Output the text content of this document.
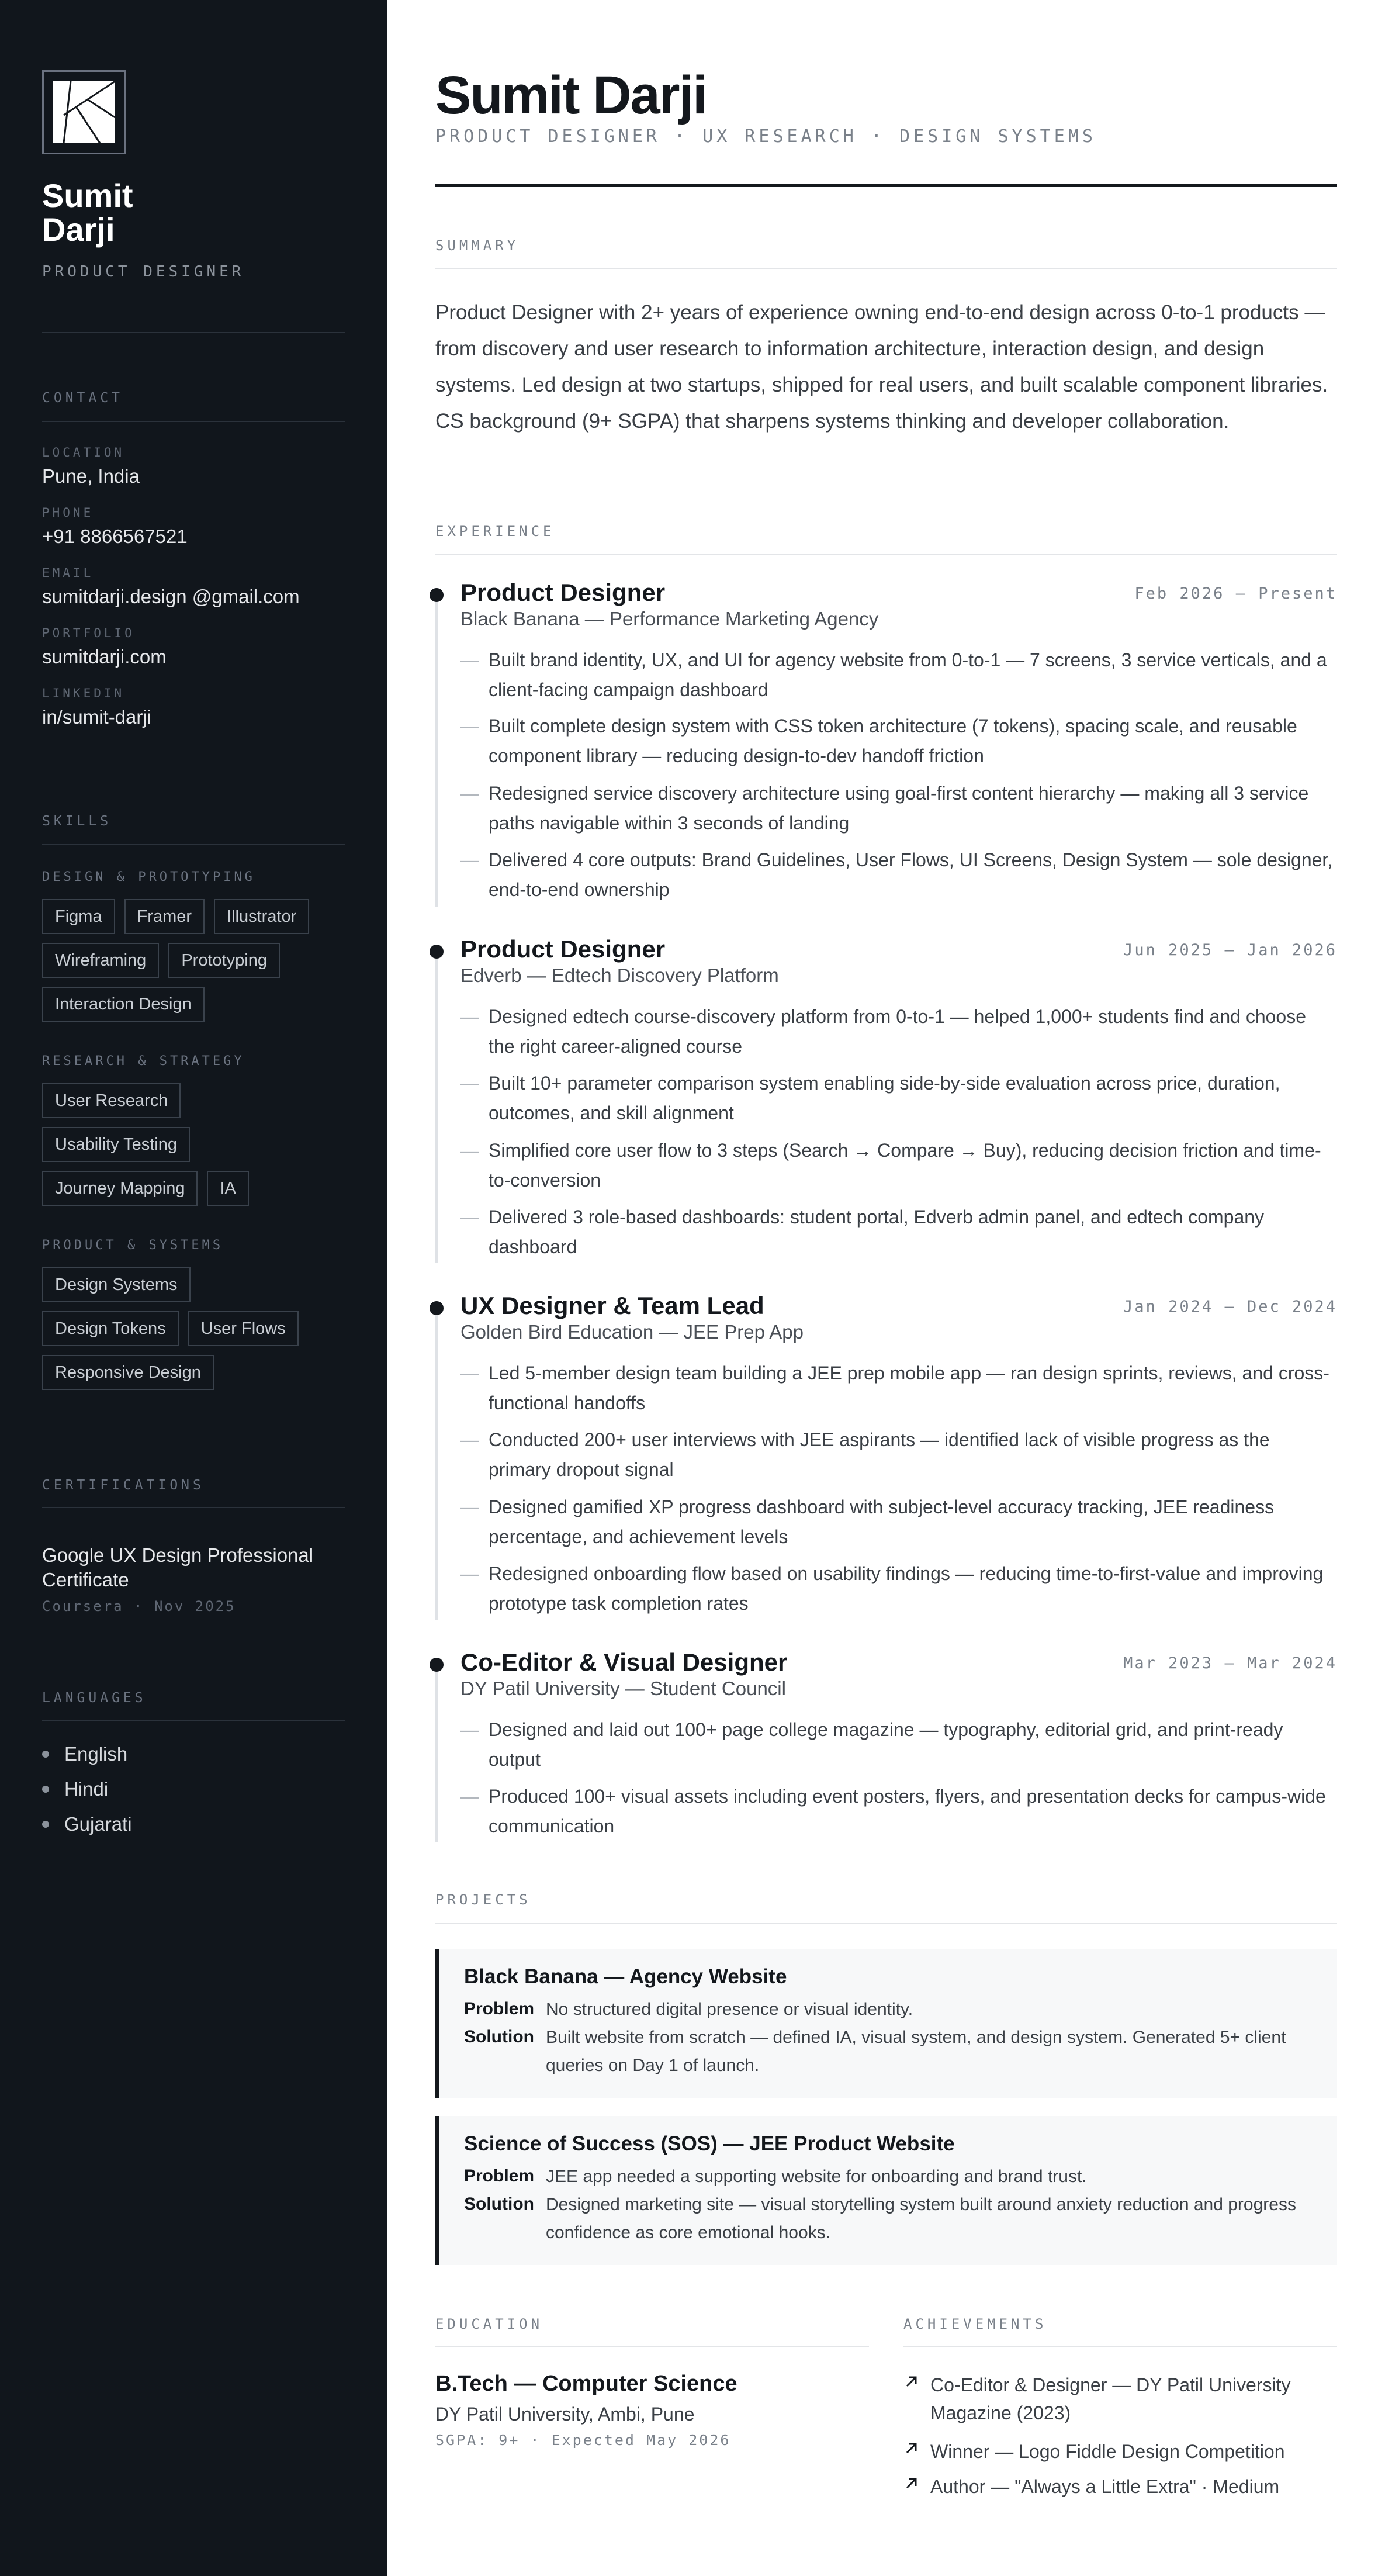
Sumit
Darji
PRODUCT DESIGNER
CONTACT
LOCATION
Pune, India
PHONE
+91 8866567521
EMAIL
sumitdarji.design @gmail.com
PORTFOLIO
sumitdarji.com
LINKEDIN
in/sumit-darji
SKILLS
DESIGN & PROTOTYPING
Figma	Framer	Illustrator
Wireframing	Prototyping
Interaction Design
RESEARCH & STRATEGY
User Research
Usability Testing
Journey Mapping	IA
PRODUCT & SYSTEMS
Design Systems
Design Tokens	User Flows
Responsive Design
CERTIFICATIONS
Google UX Design Professional Certificate
Coursera · Nov 2025
LANGUAGES
English
Hindi
Gujarati
Sumit Darji
PRODUCT DESIGNER · UX RESEARCH · DESIGN SYSTEMS
SUMMARY
Product Designer with 2+ years of experience owning end-to-end design across 0-to-1 products — from discovery and user research to information architecture, interaction design, and design systems. Led design at two startups, shipped for real users, and built scalable component libraries. CS background (9+ SGPA) that sharpens systems thinking and developer collaboration.
EXPERIENCE
Product Designer	Feb 2026 — Present
Black Banana — Performance Marketing Agency
— Built brand identity, UX, and UI for agency website from 0-to-1 — 7 screens, 3 service verticals, and a client-facing campaign dashboard
— Built complete design system with CSS token architecture (7 tokens), spacing scale, and reusable component library — reducing design-to-dev handoff friction
— Redesigned service discovery architecture using goal-first content hierarchy — making all 3 service paths navigable within 3 seconds of landing
— Delivered 4 core outputs: Brand Guidelines, User Flows, UI Screens, Design System — sole designer, end-to-end ownership
Product Designer	Jun 2025 — Jan 2026
Edverb — Edtech Discovery Platform
— Designed edtech course-discovery platform from 0-to-1 — helped 1,000+ students find and choose the right career-aligned course
— Built 10+ parameter comparison system enabling side-by-side evaluation across price, duration, outcomes, and skill alignment
— Simplified core user flow to 3 steps (Search → Compare → Buy), reducing decision friction and time-to-conversion
— Delivered 3 role-based dashboards: student portal, Edverb admin panel, and edtech company dashboard
UX Designer & Team Lead	Jan 2024 — Dec 2024
Golden Bird Education — JEE Prep App
— Led 5-member design team building a JEE prep mobile app — ran design sprints, reviews, and cross-functional handoffs
— Conducted 200+ user interviews with JEE aspirants — identified lack of visible progress as the primary dropout signal
— Designed gamified XP progress dashboard with subject-level accuracy tracking, JEE readiness percentage, and achievement levels
— Redesigned onboarding flow based on usability findings — reducing time-to-first-value and improving prototype task completion rates
Co-Editor & Visual Designer	Mar 2023 — Mar 2024
DY Patil University — Student Council
— Designed and laid out 100+ page college magazine — typography, editorial grid, and print-ready output
— Produced 100+ visual assets including event posters, flyers, and presentation decks for campus-wide communication
PROJECTS
Black Banana — Agency Website
Problem No structured digital presence or visual identity.
Solution Built website from scratch — defined IA, visual system, and design system. Generated 5+ client queries on Day 1 of launch.
Science of Success (SOS) — JEE Product Website
Problem JEE app needed a supporting website for onboarding and brand trust.
Solution Designed marketing site — visual storytelling system built around anxiety reduction and progress confidence as core emotional hooks.
EDUCATION
B.Tech — Computer Science
DY Patil University, Ambi, Pune
SGPA: 9+ · Expected May 2026
ACHIEVEMENTS
Co-Editor & Designer — DY Patil University Magazine (2023)
Winner — Logo Fiddle Design Competition
Author — "Always a Little Extra" · Medium
